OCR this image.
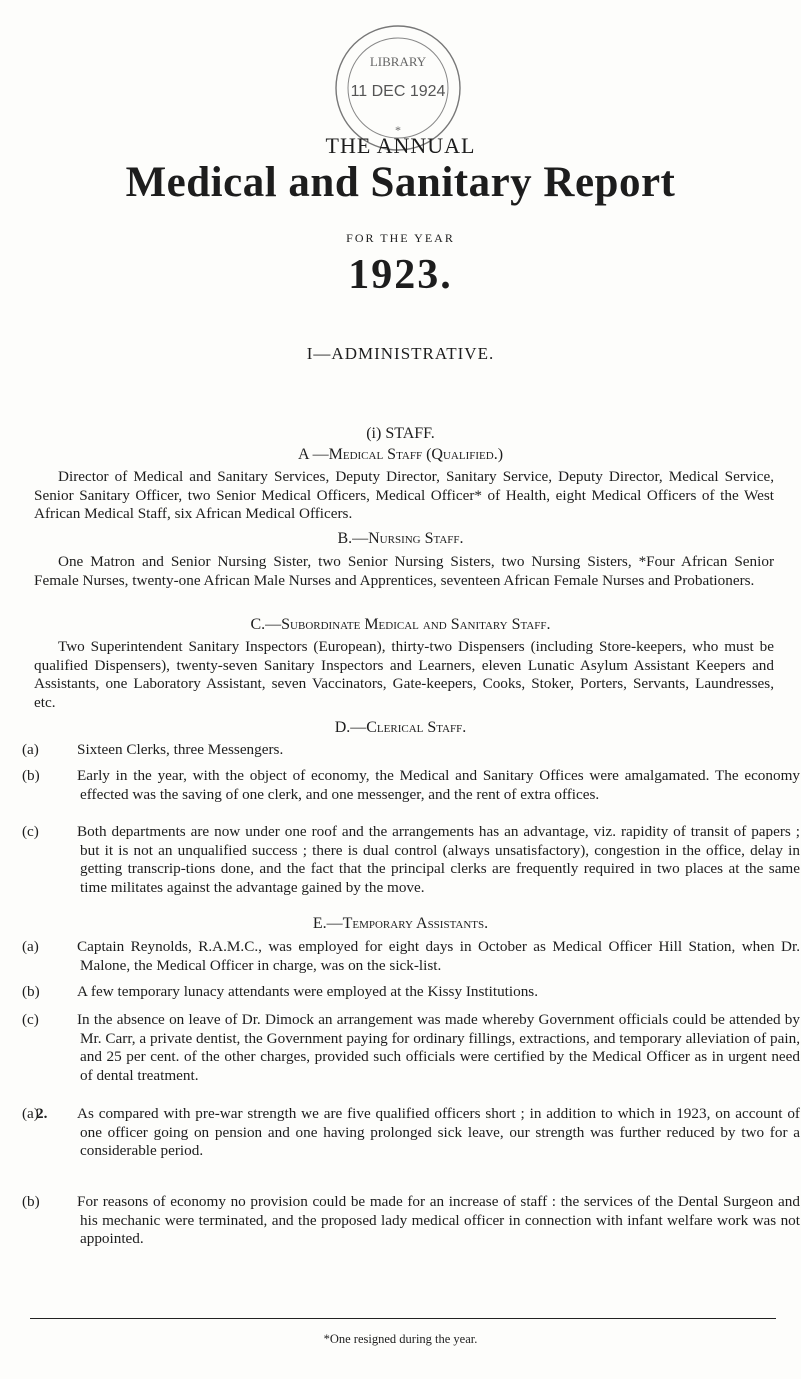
LIBRARY
11 DEC 1924
*
THE ANNUAL
Medical and Sanitary Report
FOR THE YEAR
1923.
I—ADMINISTRATIVE.
(i) STAFF.
A —Medical Staff (Qualified.)

Director of Medical and Sanitary Services, Deputy Director, Sanitary Service, Deputy Director, Medical Service, Senior Sanitary Officer, two Senior Medical Officers, Medical Officer* of Health, eight Medical Officers of the West African Medical Staff, six African Medical Officers.

B.—Nursing Staff.

One Matron and Senior Nursing Sister, two Senior Nursing Sisters, two Nursing Sisters, *Four African Senior Female Nurses, twenty-one African Male Nurses and Apprentices, seventeen African Female Nurses and Probationers.

C.—Subordinate Medical and Sanitary Staff.

Two Superintendent Sanitary Inspectors (European), thirty-two Dispensers (including Store-keepers, who must be qualified Dispensers), twenty-seven Sanitary Inspectors and Learners, eleven Lunatic Asylum Assistant Keepers and Assistants, one Laboratory Assistant, seven Vaccinators, Gate-keepers, Cooks, Stoker, Porters, Servants, Laundresses, etc.

D.—Clerical Staff.

(a)	Sixteen Clerks, three Messengers.

(b) Early in the year, with the object of economy, the Medical and Sanitary Offices were amalgamated. The economy effected was the saving of one clerk, and one messenger, and the rent of extra offices.

(c)	Both departments are now under one roof and the arrangements has an advantage, viz. rapidity of transit of papers ; but it is not an unqualified success ; there is dual control (always unsatisfactory), congestion in the office, delay in getting transcrip-tions done, and the fact that the principal clerks are frequently required in two places at the same time militates against the advantage gained by the move.

E.—Temporary Assistants.

(a)	Captain Reynolds, R.A.M.C., was employed for eight days in October as Medical Officer Hill Station, when Dr. Malone, the Medical Officer in charge, was on the sick-list.

(b) A few temporary lunacy attendants were employed at the Kissy Institutions.

(c)	In the absence on leave of Dr. Dimock an arrangement was made whereby Government officials could be attended by Mr. Carr, a private dentist, the Government paying for ordinary fillings, extractions, and temporary alleviation of pain, and 25 per cent. of the other charges, provided such officials were certified by the Medical Officer as in urgent need of dental treatment.

2.

(a)	As compared with pre-war strength we are five qualified officers short ; in addition to which in 1923, on account of one officer going on pension and one having prolonged sick leave, our strength was further reduced by two for a considerable period.

(b) For reasons of economy no provision could be made for an increase of staff : the services of the Dental Surgeon and his mechanic were terminated, and the proposed lady medical officer in connection with infant welfare work was not appointed.

*One resigned during the year.
